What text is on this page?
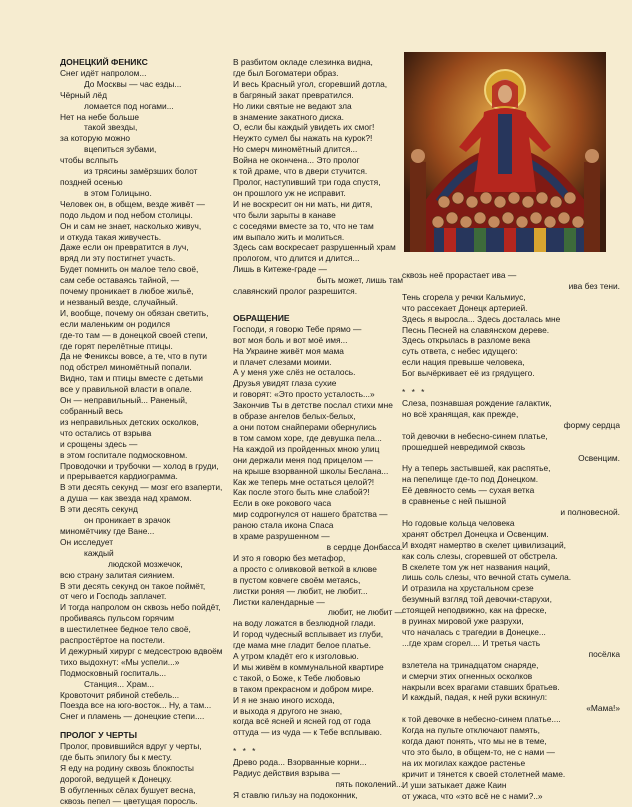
ДОНЕЦКИЙ ФЕНИКС
Снег идёт напролом...
До Москвы — час езды...
Чёрный лёд
ломается под ногами...
Нет на небе больше
такой звезды,
за которую можно
вцепиться зубами,
чтобы вслпыть
из трясины замёрзших болот
поздней осенью
в этом Голицыно.
Человек он, в общем, везде живёт —
подо льдом и под небом столицы.
Он и сам не знает, насколько живуч,
и откуда такая живучесть.
Даже если он превратится в луч,
вряд ли эту постигнет участь.
Будет помнить он малое тело своё,
сам себе оставаясь тайной, —
почему проникает в любое жильё,
и незваный везде, случайный.
И, вообще, почему он обязан светить,
если маленьким он родился
где-то там — в донецкой своей степи,
где горят перелётные птицы.
Да не Фениксы вовсе, а те, что в пути
под обстрел миномётный попали.
Видно, там и птицы вместе с детьми
все у правильной власти в опале.
Он — неправильный... Раненый,
собранный весь
из неправильных детских осколков,
что остались от взрыва
и срощены здесь —
в этом госпитале подмосковном.
Проводочки и трубочки — холод в груди,
и прерывается кардиограмма.
В эти десять секунд — мозг его взаперти,
а душа — как звезда над храмом.
В эти десять секунд
он проникает в зрачок
миномётчику где Ване...
Он исследует
каждый
людской мозжечок,
всю страну залитая сиянием.
В эти десять секунд он такое поймёт,
от чего и Господь заплачет.
И тогда напролом он сквозь небо пойдёт,
пробиваясь пульсом горячим
в шестилетнее бедное тело своё,
распростёртое на постели.
И дежурный хирург с медсестрою вдвоём
тихо выдохнут: «Мы успели...»
Подмосковный госпиталь...
Станция... Храм...
Кровоточит рябиной стебель...
Поезда все на юго-восток... Ну, а там...
Снег и пламень — донецкие степи....
ПРОЛОГ У ЧЕРТЫ
Пролог, провившийся вдруг у черты,
где быть эпилогу бы к месту.
Я еду на родину сквозь блокпосты
дорогой, ведущей к Донецку.
В обугленных сёлах бушует весна,
сквозь пепел — цветущая поросль.
В разбитом окладе слезинка видна,
где был Богоматери образ.
И весь Красный угол, сгоревший дотла,
в багряный закат превратился.
Но лики святые не ведают зла
в знамение закатного диска.
О, если бы каждый увидеть их смог!
Неужто сумел бы нажать на курок?!
Но смерч миномётный длится...
Война не окончена... Это пролог
к той драме, что в двери стучится.
Пролог, наступивший три года спустя,
он прошлого уж не исправит.
И не воскресит он ни мать, ни дитя,
что были зарыты в канаве
с соседями вместе за то, что не там
им выпало жить и молиться.
Здесь сам воскресает разрушенный храм
прологом, что длится и длится...
Лишь в Китеже-граде —
быть может, лишь там
славянский пролог разрешится.
ОБРАЩЕНИЕ
Господи, я говорю Тебе прямо —
вот моя боль и вот моё имя...
На Украине живёт моя мама
и плачет слезами моими.
А у меня уже слёз не осталось.
Друзья увидят глаза сухие
и говорят: «Это просто усталость...»
Закончив Ты в детстве послал стихи мне
в образе ангелов белых-белых,
а они потом снайперами обернулись
в том самом хоре, где девушка пела...
На каждой из пройденных мною улиц
они держали меня под прицелом —
на крыше взорванной школы Беслана...
Как же теперь мне остаться целой?!
Как после этого быть мне слабой?!
Если в оке рокового часа
мир содрогнулся от нашего братства —
раною стала икона Спаса
в храме разрушенном —
в сердце Донбасса.
И это я говорю без метафор,
а просто с оливковой веткой в клюве
в пустом ковчеге своём метаясь,
листки роняя — любит, не любит...
Листки календарные —
любит, не любит —
на воду ложатся в безлюдной глади.
И город чудесный всплывает из глуби,
где мама мне гладит белое платье.
А утром кладёт его к изголовью.
И мы живём в коммунальной квартире
с такой, о Боже, к Тебе любовью
в таком прекрасном и добром мире.
И я не знаю иного исхода,
и выхода я другого не знаю,
когда всё ясней и ясней год от года
оттуда — из чуда — к Тебе всплываю.
* * *
Древо рода... Взорванные корни...
Радиус действия взрыва —
пять поколений...
Я ставлю гильзу на подоконник,
сквозь неё прорастает ива —
ива без тени.
Тень сгорела у речки Кальмиус,
что рассекает Донецк артерией.
Здесь я выросла... Здесь досталась мне
Песнь Песней на славянском дереве.
Здесь открылась в разломе века
суть ответа, с небес идущего:
если нация превыше человека,
Бог вычёркивает её из грядущего.
* * *
Слеза, познавшая рождение галактик,
но всё хранящая, как прежде,
форму сердца
той девочки в небесно-синем платье,
прошедшей невредимой сквозь
Освенцим.
Ну а теперь застывшей, как распятье,
на пепелище где-то под Донецком.
Её девяносто семь — сухая ветка
в сравненье с ней пышной
и полновесной.
Но годовые кольца человека
хранят обстрел Донецка и Освенцим.
И входят намертво в скелет цивилизаций,
как соль слезы, сгоревшей от обстрела.
В скелете том уж нет названия наций,
лишь соль слезы, что вечной стать сумела.
И отразила на хрустальном срезе
безумный взгляд той девочки-старухи,
стоящей неподвижно, как на фреске,
в руинах мировой уже разрухи,
что началась с трагедии в Донецке...
...где храм сгорел.... И третья часть
посёлка
взлетела на тринадцатом снаряде,
и смерчи этих огненных осколков
накрыли всех врагами ставших братьев.
И каждый, падая, к ней руки вскинул:
«Мама!»
к той девочке в небесно-синем платье....
Когда на пульте отключают память,
когда дают понять, что мы не в теме,
что это было, в общем-то, не с нами —
на их могилах каждое растенье
кричит и тянется к своей столетней маме.
И уши затыкает даже Каин
от ужаса, что «это всё не с нами?..»
